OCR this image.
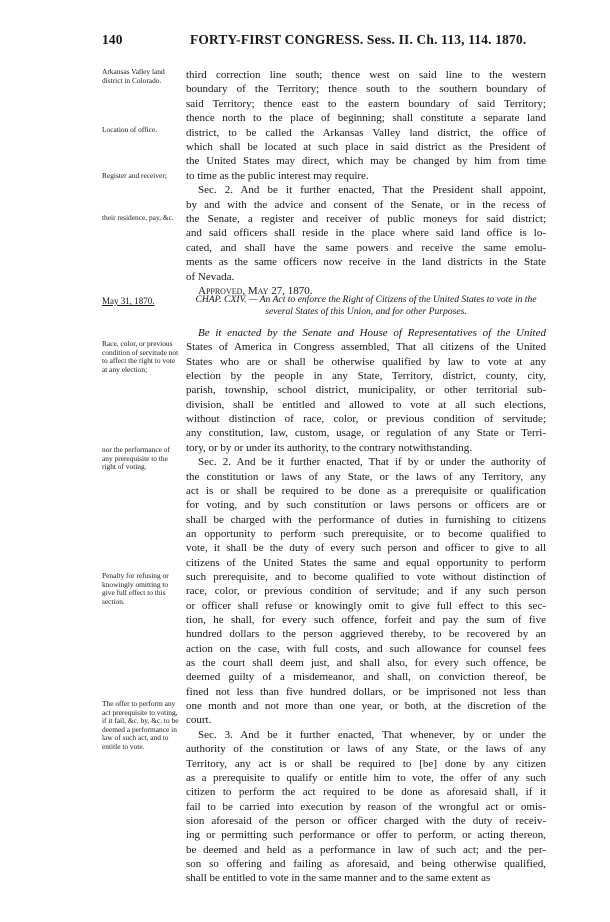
140	FORTY-FIRST CONGRESS. Sess. II. Ch. 113, 114. 1870.
Arkansas Valley land district in Colorado.
Location of office.
Register and receiver;
their residence, pay, &c.
May 31, 1870.
Race, color, or previous condition of servitude not to affect the right to vote at any election;
nor the performance of any prerequisite to the right of voting.
Penalty for refusing or knowingly omitting to give full effect to this section.
The offer to perform any act prerequisite to voting, if it fail, &c. by, &c. to be deemed a performance in law of such act, and to entitle to vote.
CHAP. CXIV. — An Act to enforce the Right of Citizens of the United States to vote in the several States of this Union, and for other Purposes.
third correction line south; thence west on said line to the western
boundary of the Territory; thence south to the southern boundary of
said Territory; thence east to the eastern boundary of said Territory;
thence north to the place of beginning; shall constitute a separate land
district, to be called the Arkansas Valley land district, the office of
which shall be located at such place in said district as the President of
the United States may direct, which may be changed by him from time
to time as the public interest may require.
Sec. 2. And be it further enacted, That the President shall appoint,
by and with the advice and consent of the Senate, or in the recess of
the Senate, a register and receiver of public moneys for said district;
and said officers shall reside in the place where said land office is lo-
cated, and shall have the same powers and receive the same emolu-
ments as the same officers now receive in the land districts in the State
of Nevada.
Approved, May 27, 1870.
Be it enacted by the Senate and House of Representatives of the United
States of America in Congress assembled, That all citizens of the United
States who are or shall be otherwise qualified by law to vote at any
election by the people in any State, Territory, district, county, city,
parish, township, school district, municipality, or other territorial sub-
division, shall be entitled and allowed to vote at all such elections,
without distinction of race, color, or previous condition of servitude;
any constitution, law, custom, usage, or regulation of any State or Terri-
tory, or by or under its authority, to the contrary notwithstanding.
Sec. 2. And be it further enacted, That if by or under the authority of
the constitution or laws of any State, or the laws of any Territory, any
act is or shall be required to be done as a prerequisite or qualification
for voting, and by such constitution or laws persons or officers are or
shall be charged with the performance of duties in furnishing to citizens
an opportunity to perform such prerequisite, or to become qualified to
vote, it shall be the duty of every such person and officer to give to all
citizens of the United States the same and equal opportunity to perform
such prerequisite, and to become qualified to vote without distinction of
race, color, or previous condition of servitude; and if any such person
or officer shall refuse or knowingly omit to give full effect to this sec-
tion, he shall, for every such offence, forfeit and pay the sum of five
hundred dollars to the person aggrieved thereby, to be recovered by an
action on the case, with full costs, and such allowance for counsel fees
as the court shall deem just, and shall also, for every such offence, be
deemed guilty of a misdemeanor, and shall, on conviction thereof, be
fined not less than five hundred dollars, or be imprisoned not less than
one month and not more than one year, or both, at the discretion of the
court.
Sec. 3. And be it further enacted, That whenever, by or under the
authority of the constitution or laws of any State, or the laws of any
Territory, any act is or shall be required to [be] done by any citizen
as a prerequisite to qualify or entitle him to vote, the offer of any such
citizen to perform the act required to be done as aforesaid shall, if it
fail to be carried into execution by reason of the wrongful act or omis-
sion aforesaid of the person or officer charged with the duty of receiv-
ing or permitting such performance or offer to perform, or acting thereon,
be deemed and held as a performance in law of such act; and the per-
son so offering and failing as aforesaid, and being otherwise qualified,
shall be entitled to vote in the same manner and to the same extent as
